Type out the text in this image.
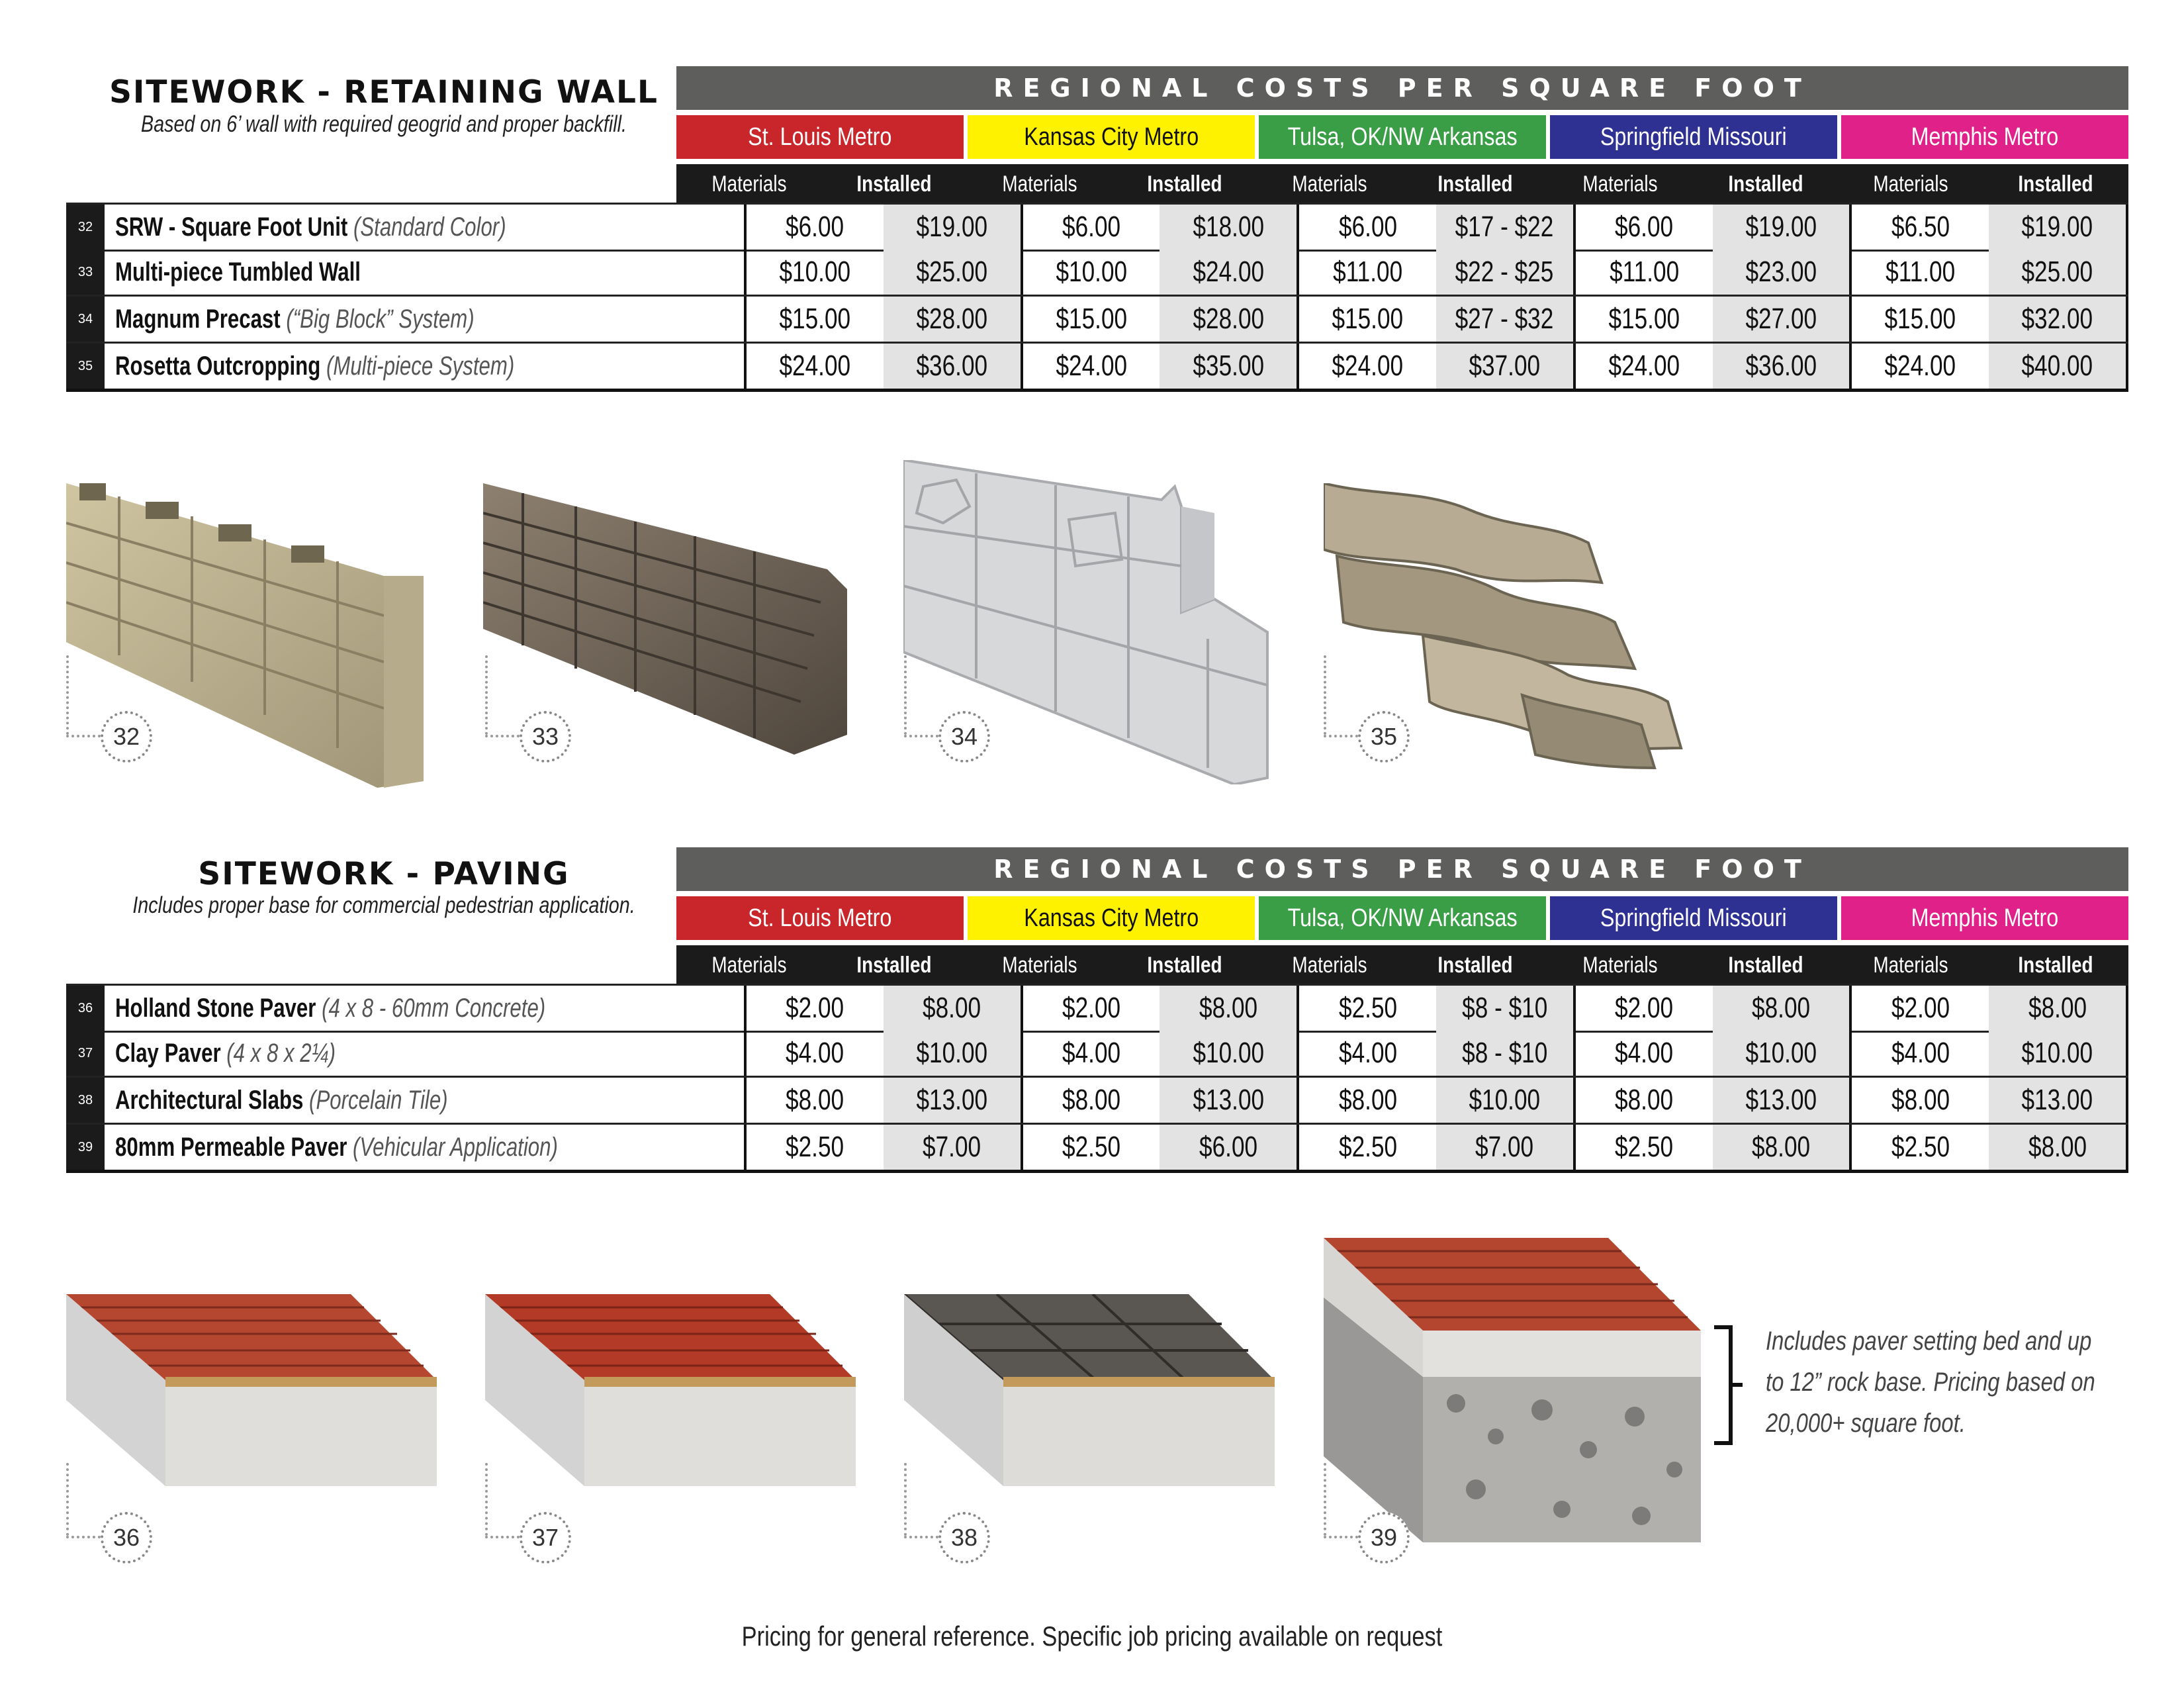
SITEWORK - RETAINING WALL
Based on 6’ wall with required geogrid and proper backfill.
REGIONAL COSTS PER SQUARE FOOT
St. Louis Metro	Kansas City Metro	Tulsa, OK/NW Arkansas	Springfield Missouri	Memphis Metro
Materials	Installed	Materials	Installed	Materials	Installed	Materials	Installed	Materials	Installed
32 SRW - Square Foot Unit (Standard Color)	$6.00 $19.00	$6.00 $18.00	$6.00 $17 - $22 $6.00 $19.00	$6.50 $19.00
33 Multi-piece Tumbled Wall	$10.00 $25.00 $10.00 $24.00 $11.00 $22 - $25 $11.00 $23.00 $11.00 $25.00
34 Magnum Precast (“Big Block” System)	$15.00 $28.00 $15.00 $28.00 $15.00 $27 - $32 $15.00 $27.00 $15.00 $32.00
35 Rosetta Outcropping (Multi-piece System)	$24.00 $36.00 $24.00 $35.00 $24.00 $37.00 $24.00 $36.00 $24.00 $40.00
32	33	34	35
SITEWORK - PAVING
Includes proper base for commercial pedestrian application.
REGIONAL COSTS PER SQUARE FOOT
St. Louis Metro	Kansas City Metro	Tulsa, OK/NW Arkansas	Springfield Missouri	Memphis Metro
Materials	Installed	Materials	Installed	Materials	Installed	Materials	Installed	Materials	Installed
36 Holland Stone Paver (4 x 8 - 60mm Concrete)	$2.00	$8.00	$2.00	$8.00	$2.50 $8 - $10 $2.00	$8.00	$2.00	$8.00
37 Clay Paver (4 x 8 x 2¼)	$4.00 $10.00	$4.00 $10.00	$4.00 $8 - $10 $4.00 $10.00	$4.00 $10.00
38 Architectural Slabs (Porcelain Tile)	$8.00 $13.00	$8.00 $13.00	$8.00 $10.00	$8.00 $13.00	$8.00 $13.00
39 80mm Permeable Paver (Vehicular Application)	$2.50	$7.00	$2.50	$6.00	$2.50	$7.00	$2.50	$8.00	$2.50	$8.00
36	37	38	39
Includes paver setting bed and up
to 12” rock base. Pricing based on
20,000+ square foot.
Pricing for general reference. Specific job pricing available on request
